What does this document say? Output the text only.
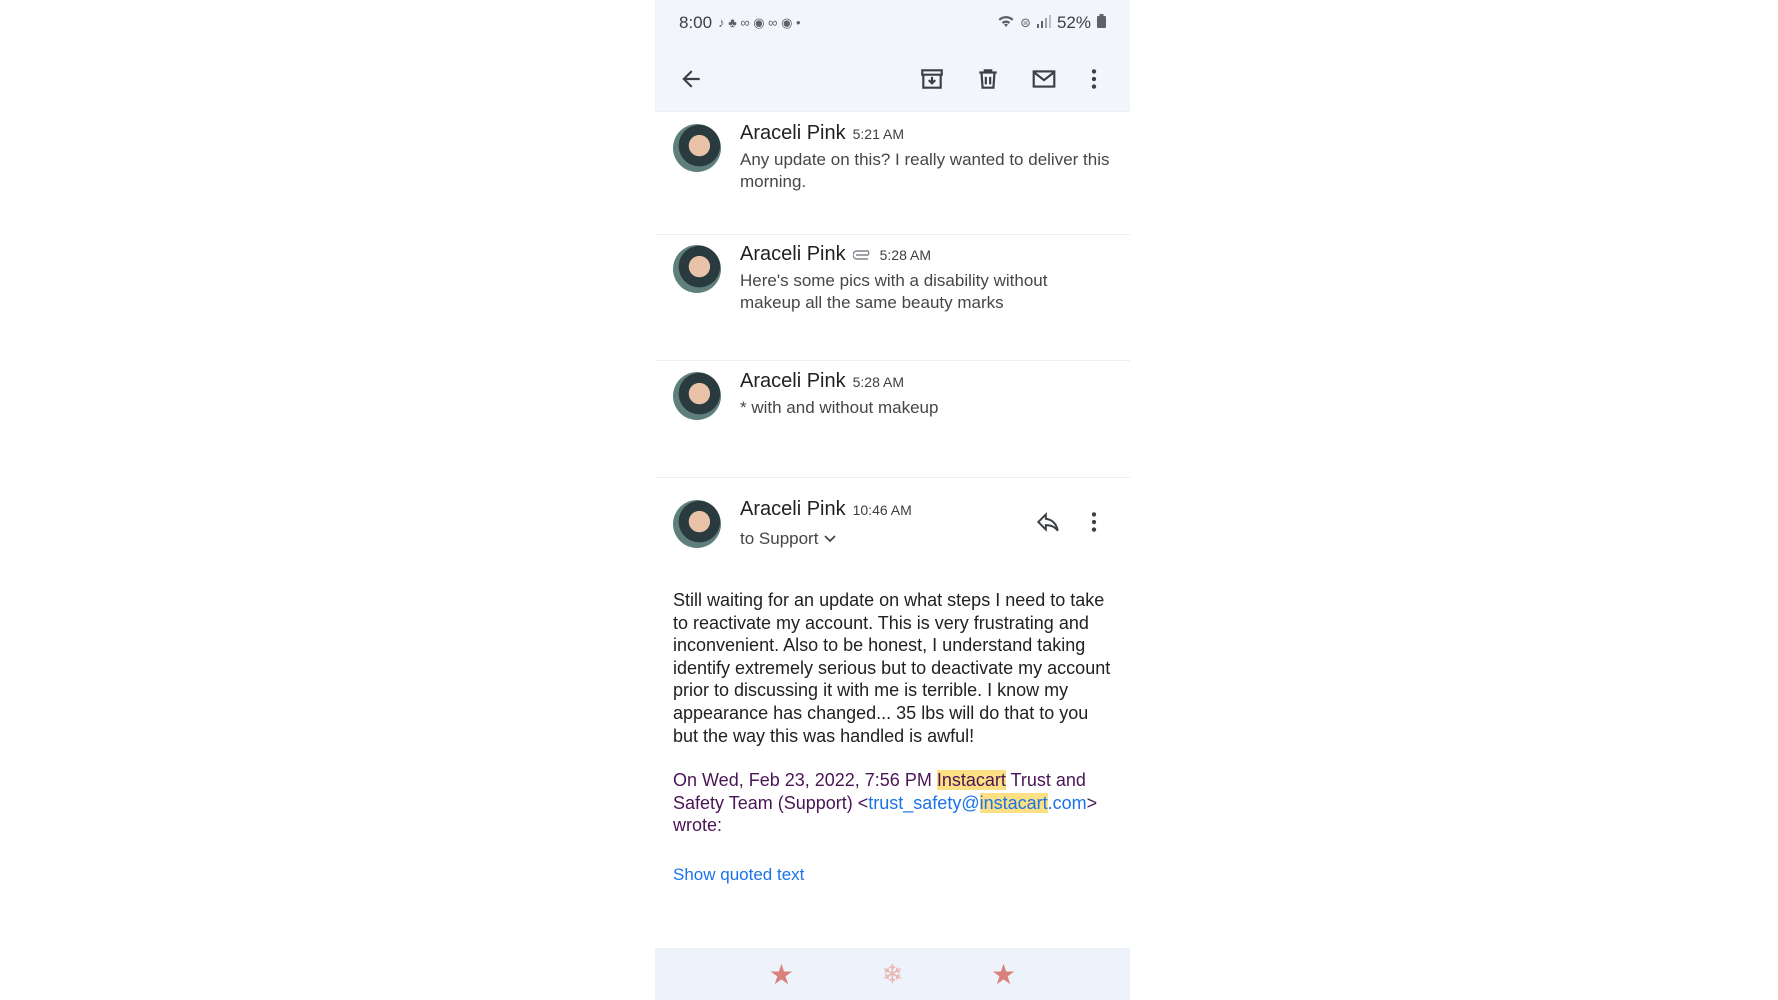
8:00 ♪ ♣ ∞ ◉ ∞ ◉ •	⊜ 52%
Araceli Pink 5:21 AM
Any update on this? I really wanted to deliver this morning.
Araceli Pink 5:28 AM
Here's some pics with a disability without makeup all the same beauty marks
Araceli Pink 5:28 AM
* with and without makeup
Araceli Pink 10:46 AM
to Support
Still waiting for an update on what steps I need to take to reactivate my account. This is very frustrating and inconvenient. Also to be honest, I understand taking identify extremely serious but to deactivate my account prior to discussing it with me is terrible. I know my appearance has changed... 35 lbs will do that to you but the way this was handled is awful!
On Wed, Feb 23, 2022, 7:56 PM Instacart Trust and Safety Team (Support) <trust_safety@instacart.com> wrote:
Show quoted text
★	❄	★
